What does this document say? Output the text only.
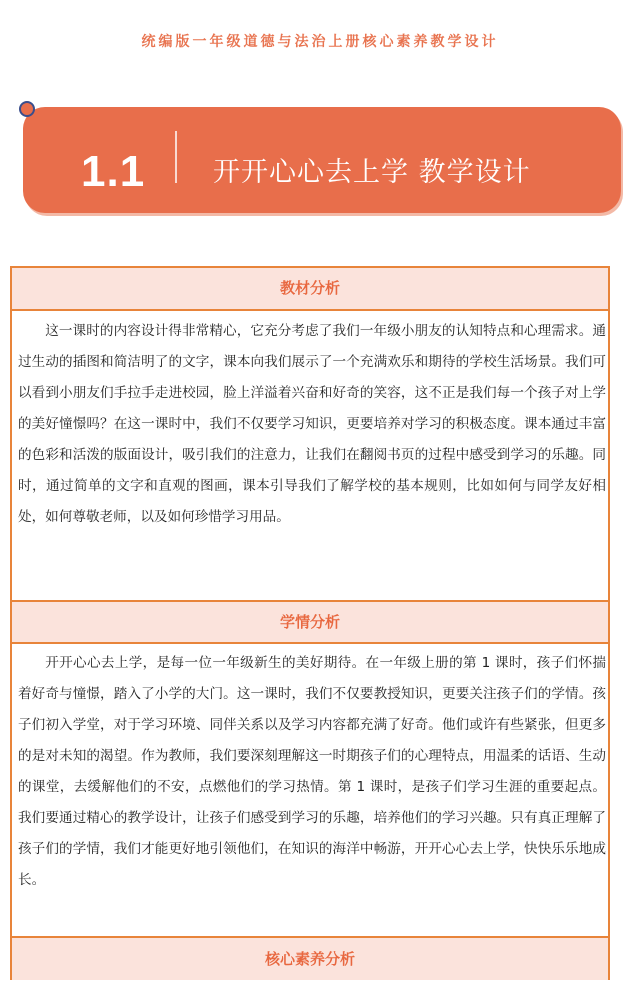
统编版一年级道德与法治上册核心素养教学设计
1.1	开开心心去上学 教学设计
教材分析

这一课时的内容设计得非常精心，它充分考虑了我们一年级小朋友的认知特点和心理需求。通过生动的插图和简洁明了的文字，课本向我们展示了一个充满欢乐和期待的学校生活场景。我们可以看到小朋友们手拉手走进校园，脸上洋溢着兴奋和好奇的笑容，这不正是我们每一个孩子对上学的美好憧憬吗？在这一课时中，我们不仅要学习知识，更要培养对学习的积极态度。课本通过丰富的色彩和活泼的版面设计，吸引我们的注意力，让我们在翻阅书页的过程中感受到学习的乐趣。同时，通过简单的文字和直观的图画，课本引导我们了解学校的基本规则，比如如何与同学友好相处，如何尊敬老师，以及如何珍惜学习用品。

学情分析

开开心心去上学，是每一位一年级新生的美好期待。在一年级上册的第 1 课时，孩子们怀揣着好奇与憧憬，踏入了小学的大门。这一课时，我们不仅要教授知识，更要关注孩子们的学情。孩子们初入学堂，对于学习环境、同伴关系以及学习内容都充满了好奇。他们或许有些紧张，但更多的是对未知的渴望。作为教师，我们要深刻理解这一时期孩子们的心理特点，用温柔的话语、生动的课堂，去缓解他们的不安，点燃他们的学习热情。第 1 课时，是孩子们学习生涯的重要起点。我们要通过精心的教学设计，让孩子们感受到学习的乐趣，培养他们的学习兴趣。只有真正理解了孩子们的学情，我们才能更好地引领他们，在知识的海洋中畅游，开开心心去上学，快快乐乐地成长。

核心素养分析
